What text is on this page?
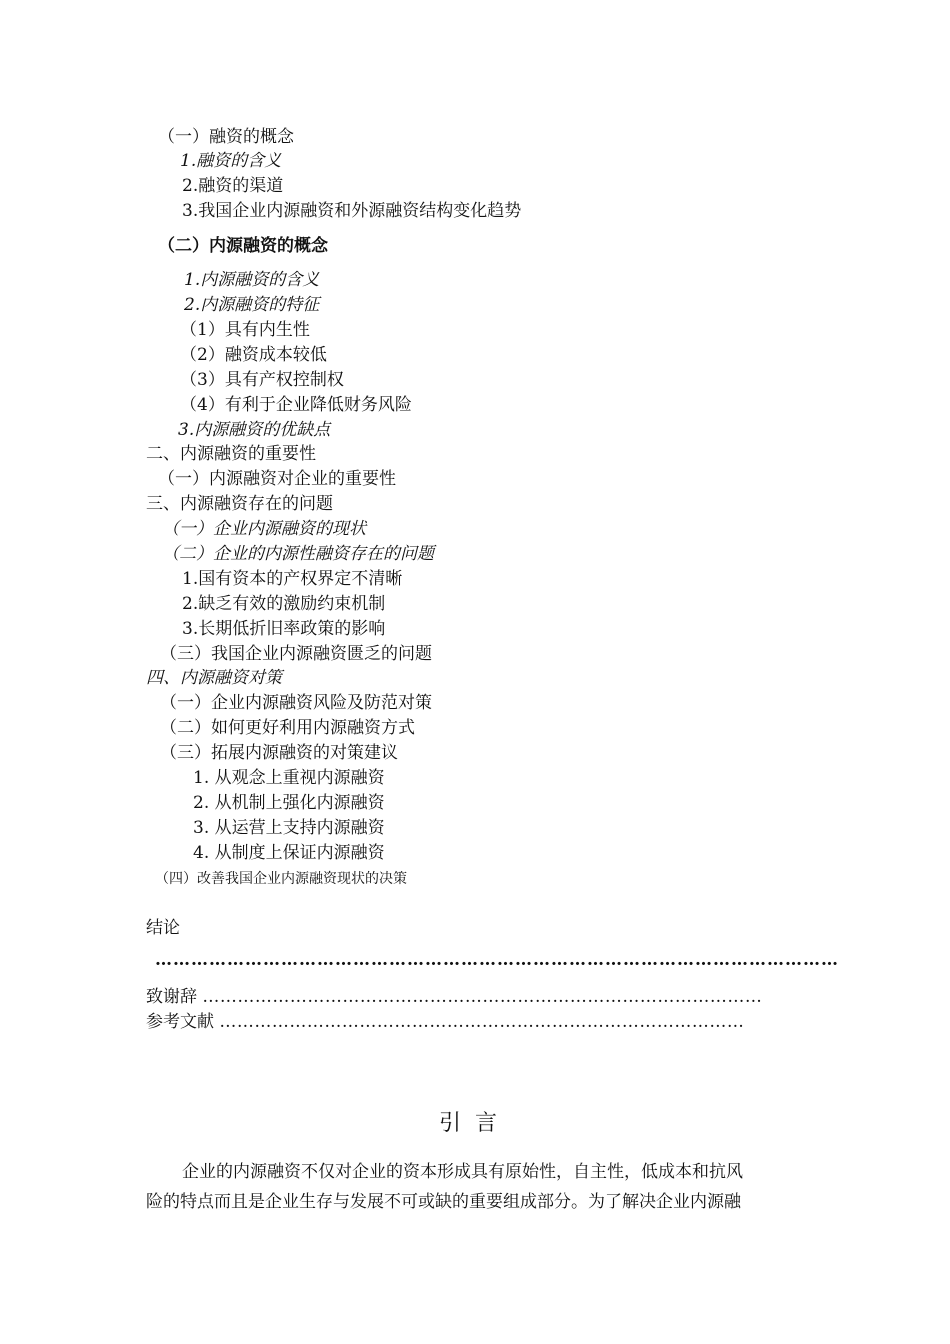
（一）融资的概念
1.融资的含义
2.融资的渠道
3.我国企业内源融资和外源融资结构变化趋势
（二）内源融资的概念
1.内源融资的含义
2.内源融资的特征
（1）具有内生性
（2）融资成本较低
（3）具有产权控制权
（4）有利于企业降低财务风险
3.内源融资的优缺点
二、内源融资的重要性
（一）内源融资对企业的重要性
三、内源融资存在的问题
（一）企业内源融资的现状
（二）企业的内源性融资存在的问题
1.国有资本的产权界定不清晰
2.缺乏有效的激励约束机制
3.长期低折旧率政策的影响
（三）我国企业内源融资匮乏的问题
四、内源融资对策
（一）企业内源融资风险及防范对策
（二）如何更好利用内源融资方式
（三）拓展内源融资的对策建议
1. 从观念上重视内源融资
2. 从机制上强化内源融资
3. 从运营上支持内源融资
4. 从制度上保证内源融资
（四）改善我国企业内源融资现状的决策
结论
……………………………………………………………………………………………………
致谢辞 ……………………………………………………………………………………
参考文献 ………………………………………………………………………………
引言
企业的内源融资不仅对企业的资本形成具有原始性，自主性，低成本和抗风
险的特点而且是企业生存与发展不可或缺的重要组成部分。为了解决企业内源融
